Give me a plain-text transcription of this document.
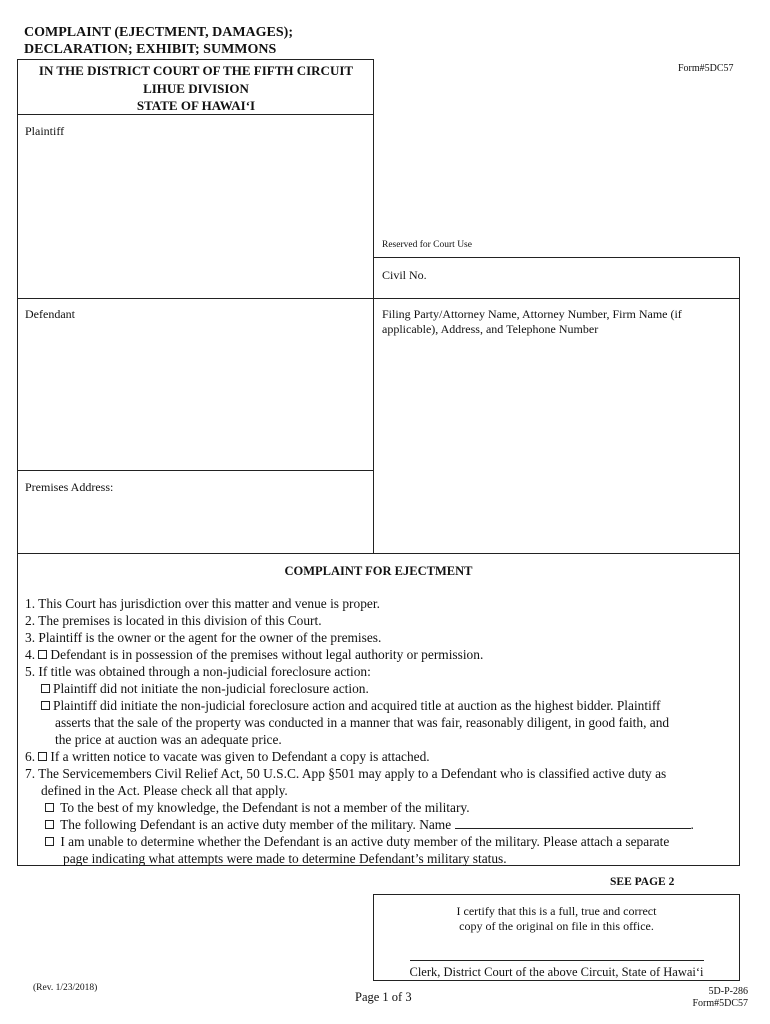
COMPLAINT (EJECTMENT, DAMAGES);
DECLARATION; EXHIBIT; SUMMONS
IN THE DISTRICT COURT OF THE FIFTH CIRCUIT
LIHUE DIVISION
STATE OF HAWAIʻI
Form#5DC57
Plaintiff
Defendant
Premises Address:
Reserved for Court Use
Civil No.
Filing Party/Attorney Name, Attorney Number, Firm Name (if
applicable), Address, and Telephone Number
COMPLAINT FOR EJECTMENT
1. This Court has jurisdiction over this matter and venue is proper.
2. The premises is located in this division of this Court.
3. Plaintiff is the owner or the agent for the owner of the premises.
4. Defendant is in possession of the premises without legal authority or permission.
5. If title was obtained through a non-judicial foreclosure action:
Plaintiff did not initiate the non-judicial foreclosure action.
Plaintiff did initiate the non-judicial foreclosure action and acquired title at auction as the highest bidder. Plaintiff
asserts that the sale of the property was conducted in a manner that was fair, reasonably diligent, in good faith, and
the price at auction was an adequate price.
6. If a written notice to vacate was given to Defendant a copy is attached.
7. The Servicemembers Civil Relief Act, 50 U.S.C. App §501 may apply to a Defendant who is classified active duty as
defined in the Act. Please check all that apply.
To the best of my knowledge, the Defendant is not a member of the military.
The following Defendant is an active duty member of the military. Name	.
I am unable to determine whether the Defendant is an active duty member of the military. Please attach a separate
page indicating what attempts were made to determine Defendant’s military status.
SEE PAGE 2
I certify that this is a full, true and correct
copy of the original on file in this office.
Clerk, District Court of the above Circuit, State of Hawaiʻi
(Rev. 1/23/2018)
Page 1 of 3	5D-P-286
Form#5DC57
